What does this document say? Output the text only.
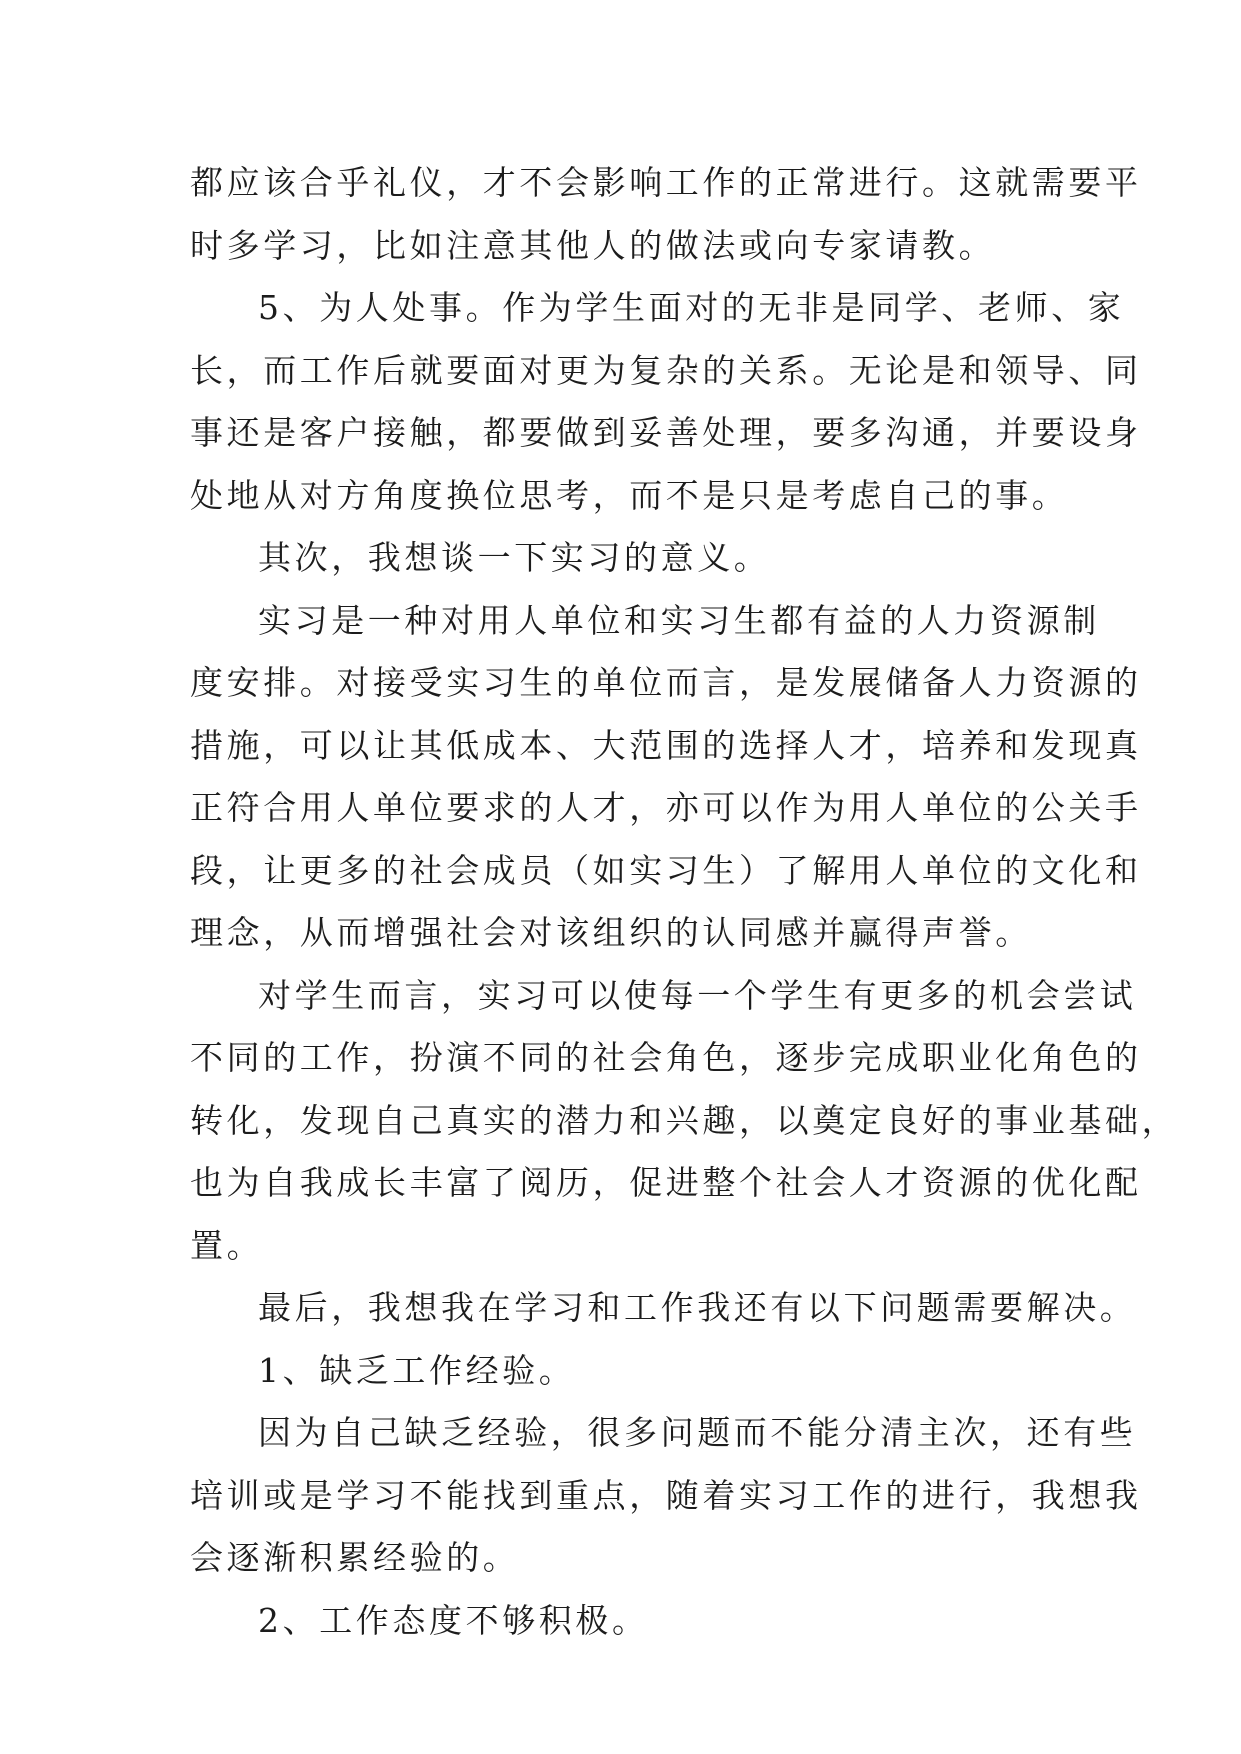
都应该合乎礼仪，才不会影响工作的正常进行。这就需要平
时多学习，比如注意其他人的做法或向专家请教。
5、为人处事。作为学生面对的无非是同学、老师、家
长，而工作后就要面对更为复杂的关系。无论是和领导、同
事还是客户接触，都要做到妥善处理，要多沟通，并要设身
处地从对方角度换位思考，而不是只是考虑自己的事。
其次，我想谈一下实习的意义。
实习是一种对用人单位和实习生都有益的人力资源制
度安排。对接受实习生的单位而言，是发展储备人力资源的
措施，可以让其低成本、大范围的选择人才，培养和发现真
正符合用人单位要求的人才，亦可以作为用人单位的公关手
段，让更多的社会成员（如实习生）了解用人单位的文化和
理念，从而增强社会对该组织的认同感并赢得声誉。
对学生而言，实习可以使每一个学生有更多的机会尝试
不同的工作，扮演不同的社会角色，逐步完成职业化角色的
转化，发现自己真实的潜力和兴趣，以奠定良好的事业基础，
也为自我成长丰富了阅历，促进整个社会人才资源的优化配
置。
最后，我想我在学习和工作我还有以下问题需要解决。
1、缺乏工作经验。
因为自己缺乏经验，很多问题而不能分清主次，还有些
培训或是学习不能找到重点，随着实习工作的进行，我想我
会逐渐积累经验的。
2、工作态度不够积极。
